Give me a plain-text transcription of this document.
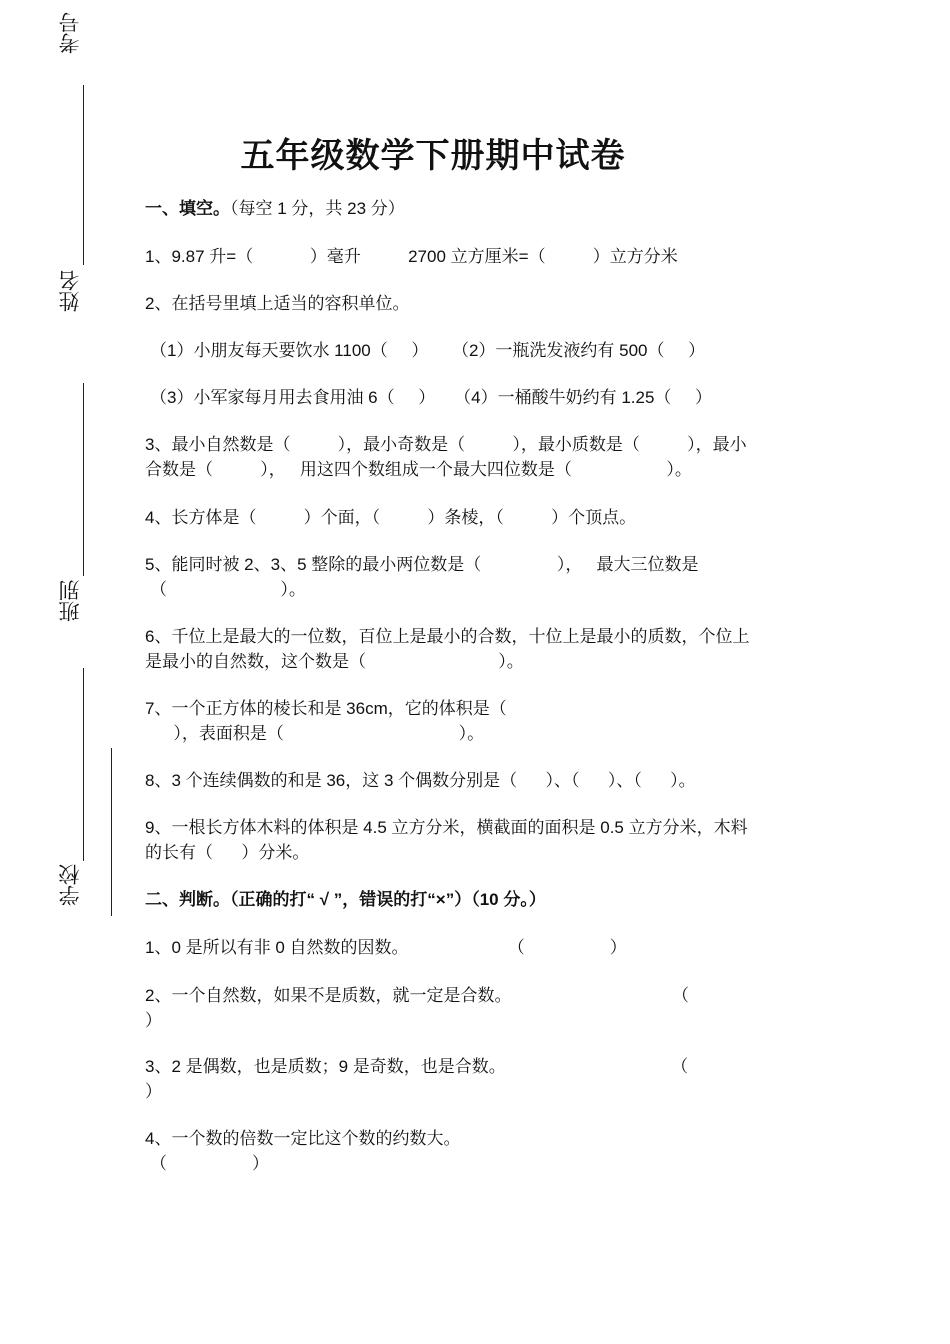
考号
姓名
班别
学校
五年级数学下册期中试卷
一、填空。（每空 1 分，共 23 分）
1、9.87 升=（            ）毫升          2700 立方厘米=（          ）立方分米
2、在括号里填上适当的容积单位。
（1）小朋友每天要饮水 1100（     ）     （2）一瓶洗发液约有 500（     ）
（3）小军家每月用去食用油 6（     ）    （4）一桶酸牛奶约有 1.25（     ）
3、最小自然数是（          ），最小奇数是（          ），最小质数是（          ），最小
合数是（          ），   用这四个数组成一个最大四位数是（                    ）。
4、长方体是（          ）个面，（          ）条棱，（          ）个顶点。
5、能同时被 2、3、5 整除的最小两位数是（                ），   最大三位数是
（                        ）。
6、千位上是最大的一位数，百位上是最小的合数，十位上是最小的质数，个位上
是最小的自然数，这个数是（                            ）。
7、一个正方体的棱长和是 36cm，它的体积是（
），表面积是（                                     ）。
8、3 个连续偶数的和是 36，这 3 个偶数分别是（      ）、（      ）、（      ）。
9、一根长方体木料的体积是 4.5 立方分米，横截面的面积是 0.5 立方分米，木料
的长有（      ）分米。
二、判断。（正确的打“ √ ”，错误的打“×”）（10 分。）
1、0 是所以有非 0 自然数的因数。                     （                  ）
2、一个自然数，如果不是质数，就一定是合数。                                  （
）
3、2 是偶数，也是质数；9 是奇数，也是合数。                                   （
）
4、一个数的倍数一定比这个数的约数大。
（                  ）
